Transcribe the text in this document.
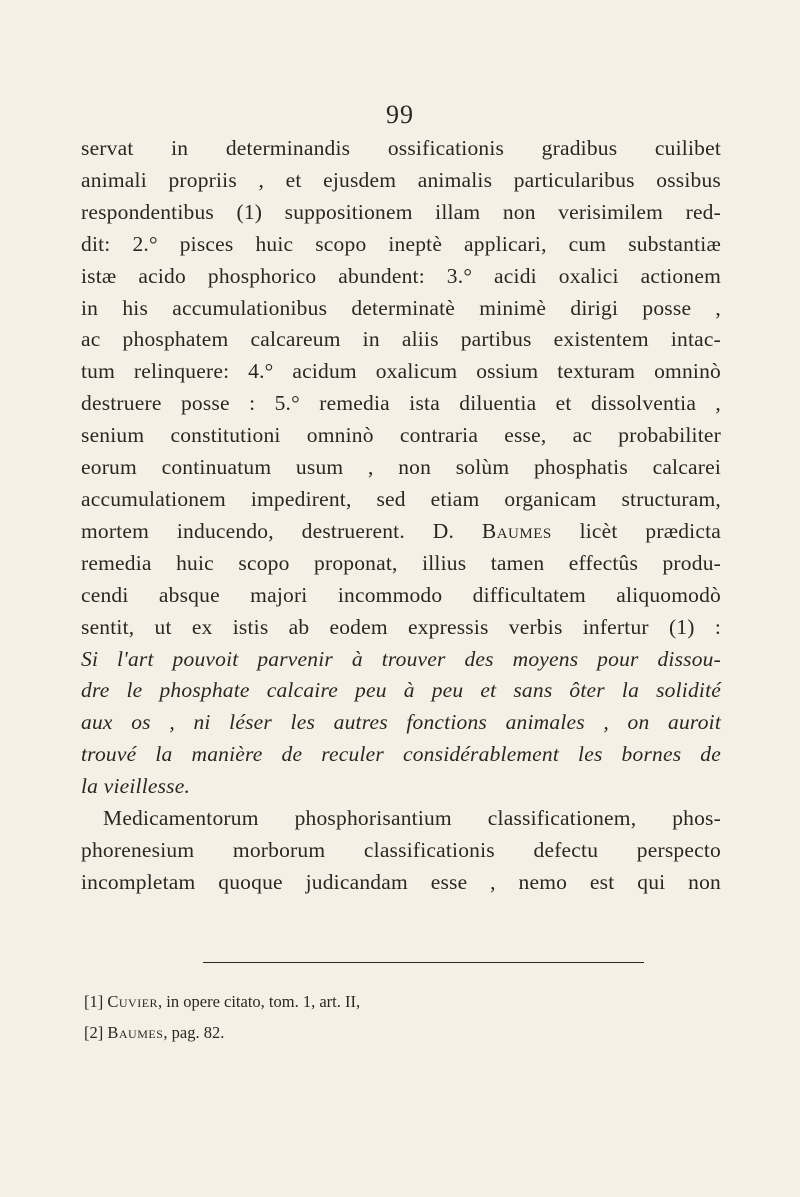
99
servat in determinandis ossificationis gradibus cuilibet
animali propriis , et ejusdem animalis particularibus ossibus
respondentibus (1) suppositionem illam non verisimilem red-
dit: 2.° pisces huic scopo ineptè applicari, cum substantiæ
istæ acido phosphorico abundent: 3.° acidi oxalici actionem
in his accumulationibus determinatè minimè dirigi posse ,
ac phosphatem calcareum in aliis partibus existentem intac-
tum relinquere: 4.° acidum oxalicum ossium texturam omninò
destruere posse : 5.° remedia ista diluentia et dissolventia ,
senium constitutioni omninò contraria esse, ac probabiliter
eorum continuatum usum , non solùm phosphatis calcarei
accumulationem impedirent, sed etiam organicam structuram,
mortem inducendo, destruerent. D. Baumes licèt prædicta
remedia huic scopo proponat, illius tamen effectûs produ-
cendi absque majori incommodo difficultatem aliquomodò
sentit, ut ex istis ab eodem expressis verbis infertur (1) :
Si l'art pouvoit parvenir à trouver des moyens pour dissou-
dre le phosphate calcaire peu à peu et sans ôter la solidité
aux os , ni léser les autres fonctions animales , on auroit
trouvé la manière de reculer considérablement les bornes de
la vieillesse.
Medicamentorum phosphorisantium classificationem, phos-
phorenesium morborum classificationis defectu perspecto
incompletam quoque judicandam esse , nemo est qui non
[1] Cuvier, in opere citato, tom. 1, art. II,
[2] Baumes, pag. 82.
